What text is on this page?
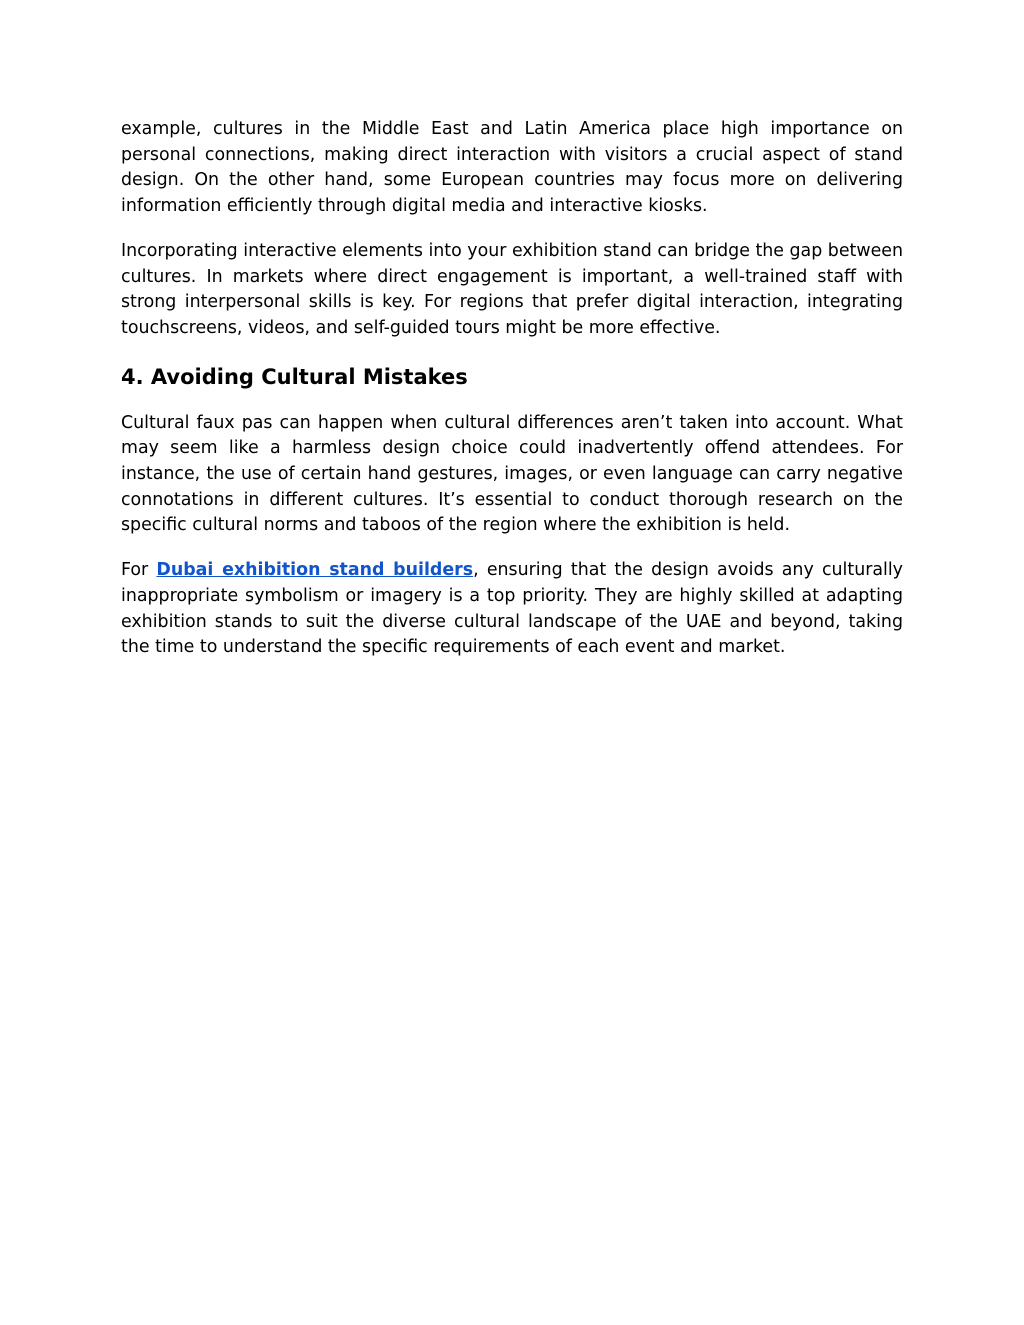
example, cultures in the Middle East and Latin America place high importance on personal connections, making direct interaction with visitors a crucial aspect of stand design. On the other hand, some European countries may focus more on delivering information efficiently through digital media and interactive kiosks.

Incorporating interactive elements into your exhibition stand can bridge the gap between cultures. In markets where direct engagement is important, a well-trained staff with strong interpersonal skills is key. For regions that prefer digital interaction, integrating touchscreens, videos, and self-guided tours might be more effective.

4. Avoiding Cultural Mistakes

Cultural faux pas can happen when cultural differences aren’t taken into account. What may seem like a harmless design choice could inadvertently offend attendees. For instance, the use of certain hand gestures, images, or even language can carry negative connotations in different cultures. It’s essential to conduct thorough research on the specific cultural norms and taboos of the region where the exhibition is held.

For Dubai exhibition stand builders, ensuring that the design avoids any culturally inappropriate symbolism or imagery is a top priority. They are highly skilled at adapting exhibition stands to suit the diverse cultural landscape of the UAE and beyond, taking the time to understand the specific requirements of each event and market.
